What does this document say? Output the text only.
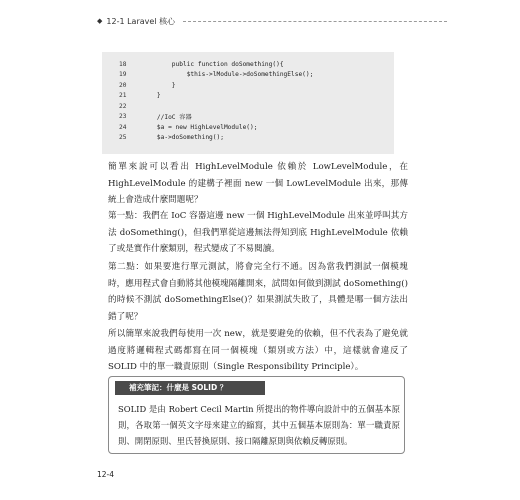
◆ 12-1 Laravel 核心
18	public function doSomething(){
19	$this->lModule->doSomethingElse();
20	}
21	}
22
23	//IoC 容器
24	$a = new HighLevelModule();
25	$a->doSomething();

簡單來說可以看出 HighLevelModule 依賴於 LowLevelModule，在 HighLevelModule 的建構子裡面 new 一個 LowLevelModule 出來，那傳統上會造成什麼問題呢？

第一點：我們在 IoC 容器這邊 new 一個 HighLevelModule 出來並呼叫其方法 doSomething()，但我們單從這邊無法得知到底 HighLevelModule 依賴了或是實作什麼類別，程式變成了不易閱讀。

第二點：如果要進行單元測試，將會完全行不通。因為當我們測試一個模塊時，應用程式會自動將其他模塊隔離開來，試問如何做到測試 doSomething() 的時候不測試 doSomethingElse()？如果測試失敗了，具體是哪一個方法出錯了呢？

所以簡單來說我們每使用一次 new，就是要避免的依賴，但不代表為了避免就過度將邏輯程式碼都寫在同一個模塊（類別或方法）中，這樣就會違反了 SOLID 中的單一職責原則（Single Responsibility Principle）。

補充筆記：什麼是 SOLID ？

SOLID 是由 Robert Cecil Martin 所提出的物件導向設計中的五個基本原則，各取第一個英文字母來建立的縮寫，其中五個基本原則為：單一職責原則、開閉原則、里氏替換原則、接口隔離原則與依賴反轉原則。

12-4
